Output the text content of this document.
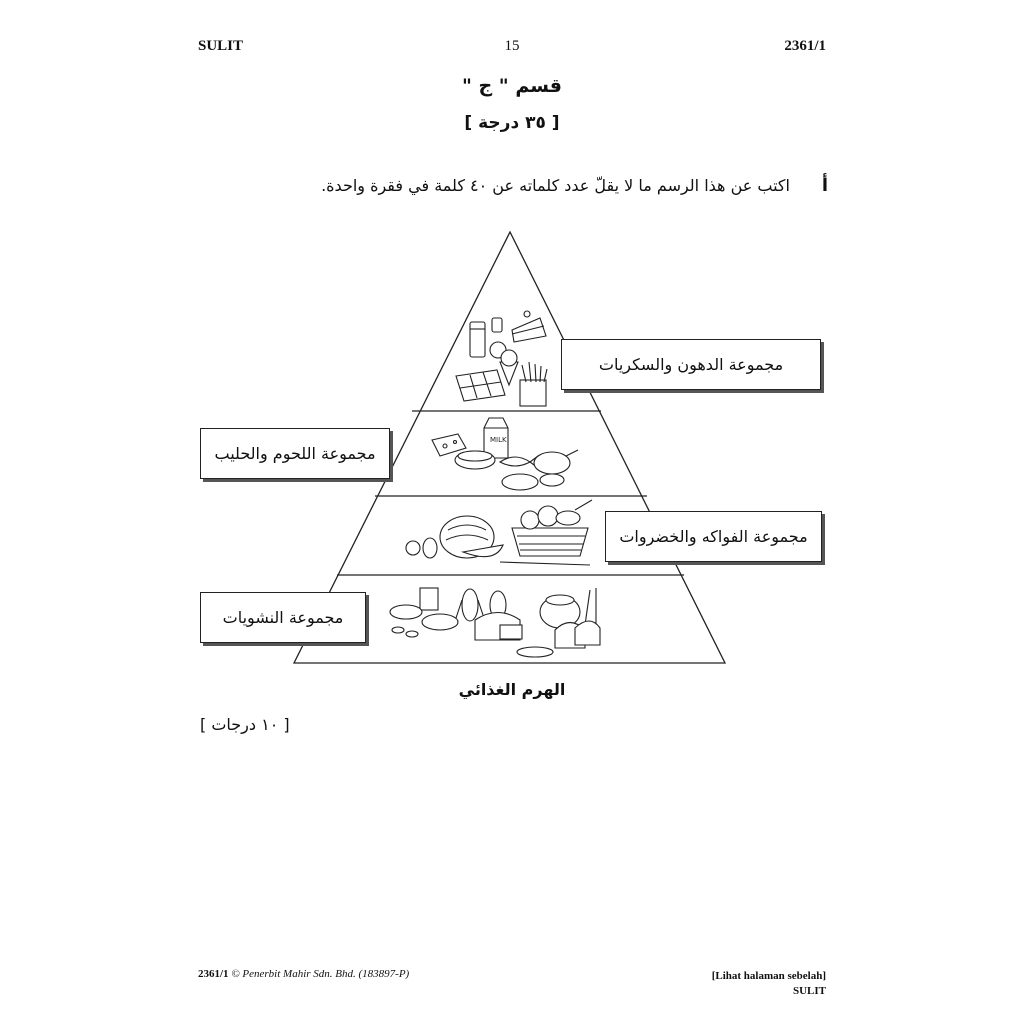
SULIT	15	2361/1
قسم " ج "
[ ٣٥ درجة ]
أ
اكتب عن هذا الرسم ما لا يقلّ عدد كلماته عن ٤٠ كلمة في فقرة واحدة.
MILK
مجموعة الدهون والسكريات
مجموعة اللحوم والحليب
مجموعة الفواكه والخضروات
مجموعة النشويات
الهرم الغذائي
[ ١٠ درجات ]
2361/1 © Penerbit Mahir Sdn. Bhd. (183897-P)	[Lihat halaman sebelah]
SULIT
